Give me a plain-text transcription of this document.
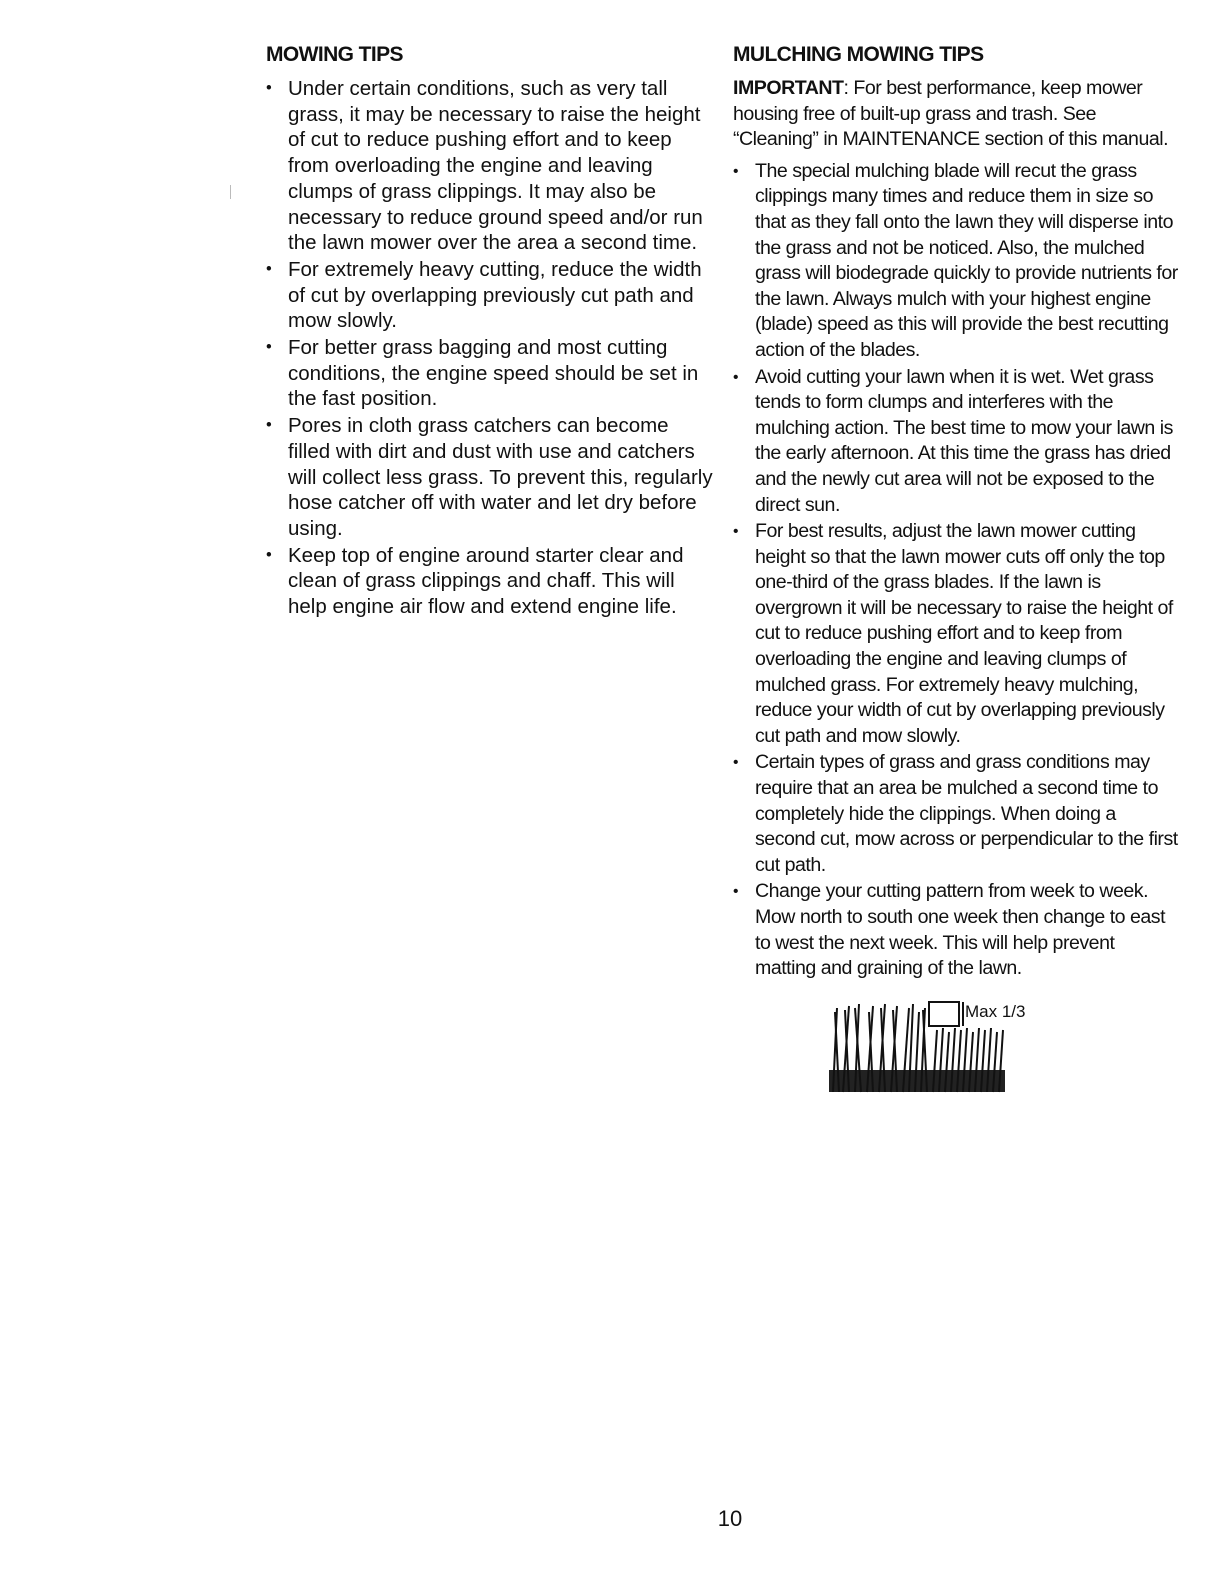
MOWING TIPS
• Under certain conditions, such as very tall grass, it may be necessary to raise the height of cut to reduce pushing effort and to keep from overloading the engine and leaving clumps of grass clippings. It may also be necessary to reduce ground speed and/or run the lawn mower over the area a second time.
• For extremely heavy cutting, reduce the width of cut by overlapping previously cut path and mow slowly.
• For better grass bagging and most cutting conditions, the engine speed should be set in the fast position.
• Pores in cloth grass catchers can become filled with dirt and dust with use and catchers will collect less grass. To prevent this, regularly hose catcher off with water and let dry before using.
• Keep top of engine around starter clear and clean of grass clippings and chaff. This will help engine air flow and extend engine life.
MULCHING MOWING TIPS

IMPORTANT: For best performance, keep mower housing free of built-up grass and trash. See “Cleaning” in MAINTENANCE section of this manual.

• The special mulching blade will recut the grass clippings many times and reduce them in size so that as they fall onto the lawn they will disperse into the grass and not be noticed. Also, the mulched grass will biodegrade quickly to provide nutrients for the lawn. Always mulch with your highest engine (blade) speed as this will provide the best recutting action of the blades.
• Avoid cutting your lawn when it is wet. Wet grass tends to form clumps and interferes with the mulching action. The best time to mow your lawn is the early afternoon. At this time the grass has dried and the newly cut area will not be exposed to the direct sun.
• For best results, adjust the lawn mower cutting height so that the lawn mower cuts off only the top one-third of the grass blades. If the lawn is overgrown it will be necessary to raise the height of cut to reduce pushing effort and to keep from overloading the engine and leaving clumps of mulched grass. For extremely heavy mulching, reduce your width of cut by overlapping previously cut path and mow slowly.
• Certain types of grass and grass conditions may require that an area be mulched a second time to completely hide the clippings. When doing a second cut, mow across or perpendicular to the first cut path.
• Change your cutting pattern from week to week. Mow north to south one week then change to east to west the next week. This will help prevent matting and graining of the lawn.
Max 1/3
10
